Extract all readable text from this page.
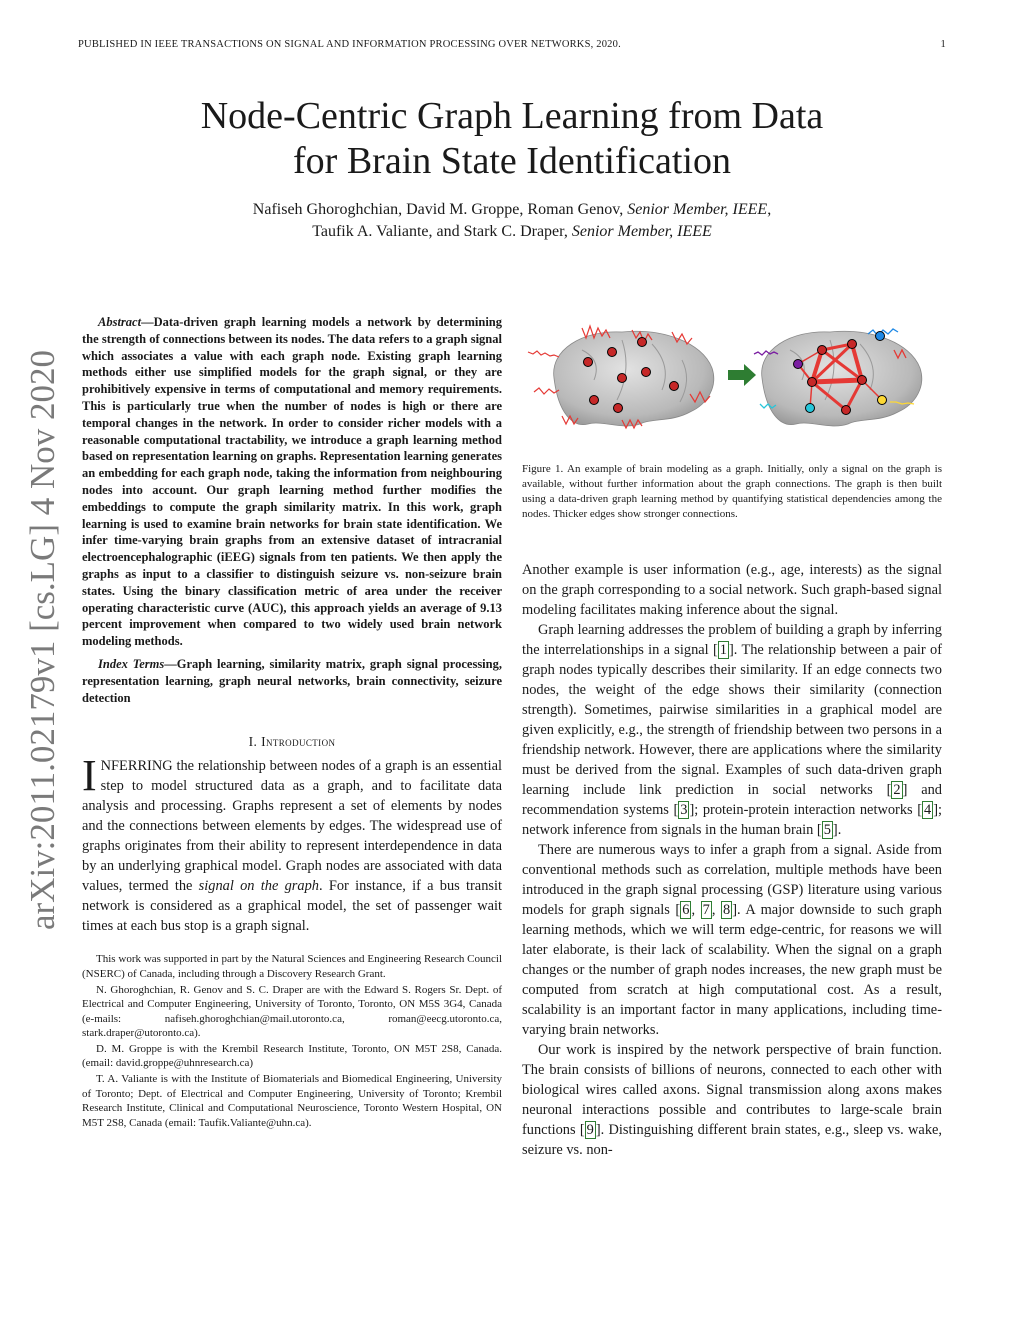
PUBLISHED IN IEEE TRANSACTIONS ON SIGNAL AND INFORMATION PROCESSING OVER NETWORKS, 2020.	1
arXiv:2011.02179v1 [cs.LG] 4 Nov 2020
Node-Centric Graph Learning from Data
for Brain State Identification
Nafiseh Ghoroghchian, David M. Groppe, Roman Genov, Senior Member, IEEE,
Taufik A. Valiante, and Stark C. Draper, Senior Member, IEEE

Abstract—Data-driven graph learning models a network by determining the strength of connections between its nodes. The data refers to a graph signal which associates a value with each graph node. Existing graph learning methods either use simplified models for the graph signal, or they are prohibitively expensive in terms of computational and memory requirements. This is particularly true when the number of nodes is high or there are temporal changes in the network. In order to consider richer models with a reasonable computational tractability, we introduce a graph learning method based on representation learning on graphs. Representation learning generates an embedding for each graph node, taking the information from neighbouring nodes into account. Our graph learning method further modifies the embeddings to compute the graph similarity matrix. In this work, graph learning is used to examine brain networks for brain state identification. We infer time-varying brain graphs from an extensive dataset of intracranial electroencephalographic (iEEG) signals from ten patients. We then apply the graphs as input to a classifier to distinguish seizure vs. non-seizure brain states. Using the binary classification metric of area under the receiver operating characteristic curve (AUC), this approach yields an average of 9.13 percent improvement when compared to two widely used brain network modeling methods.

Index Terms—Graph learning, similarity matrix, graph signal processing, representation learning, graph neural networks, brain connectivity, seizure detection

I. Introduction

INFERRING the relationship between nodes of a graph is an essential step to model structured data as a graph, and to facilitate data analysis and processing. Graphs represent a set of elements by nodes and the connections between elements by edges. The widespread use of graphs originates from their ability to represent interdependence in data by an underlying graphical model. Graph nodes are associated with data values, termed the signal on the graph. For instance, if a bus transit network is considered as a graphical model, the set of passenger wait times at each bus stop is a graph signal.

This work was supported in part by the Natural Sciences and Engineering Research Council (NSERC) of Canada, including through a Discovery Research Grant.

N. Ghoroghchian, R. Genov and S. C. Draper are with the Edward S. Rogers Sr. Dept. of Electrical and Computer Engineering, University of Toronto, Toronto, ON M5S 3G4, Canada (e-mails: nafiseh.ghoroghchian@mail.utoronto.ca, roman@eecg.utoronto.ca, stark.draper@utoronto.ca).

D. M. Groppe is with the Krembil Research Institute, Toronto, ON M5T 2S8, Canada. (email: david.groppe@uhnresearch.ca)

T. A. Valiante is with the Institute of Biomaterials and Biomedical Engineering, University of Toronto; Dept. of Electrical and Computer Engineering, University of Toronto; Krembil Research Institute, Clinical and Computational Neuroscience, Toronto Western Hospital, ON M5T 2S8, Canada (email: Taufik.Valiante@uhn.ca).

Figure 1. An example of brain modeling as a graph. Initially, only a signal on the graph is available, without further information about the graph connections. The graph is then built using a data-driven graph learning method by quantifying statistical dependencies among the nodes. Thicker edges show stronger connections.

Another example is user information (e.g., age, interests) as the signal on the graph corresponding to a social network. Such graph-based signal modeling facilitates making inference about the signal.

Graph learning addresses the problem of building a graph by inferring the interrelationships in a signal [ 1 ]. The relationship between a pair of graph nodes typically describes their similarity. If an edge connects two nodes, the weight of the edge shows their similarity (connection strength). Sometimes, pairwise similarities in a graphical model are given explicitly, e.g., the strength of friendship between two persons in a friendship network. However, there are applications where the similarity must be derived from the signal. Examples of such data-driven graph learning include link prediction in social networks [ 2 ] and recommendation systems [ 3 ]; protein-protein interaction networks [ 4 ]; network inference from signals in the human brain [ 5 ].

There are numerous ways to infer a graph from a signal. Aside from conventional methods such as correlation, multiple methods have been introduced in the graph signal processing (GSP) literature using various models for graph signals [ 6 , 7 , 8 ]. A major downside to such graph learning methods, which we will term edge-centric, for reasons we will later elaborate, is their lack of scalability. When the signal on a graph changes or the number of graph nodes increases, the new graph must be computed from scratch at high computational cost. As a result, scalability is an important factor in many applications, including time-varying brain networks.

Our work is inspired by the network perspective of brain function. The brain consists of billions of neurons, connected to each other with biological wires called axons. Signal transmission along axons makes neuronal interactions possible and contributes to large-scale brain functions [ 9 ]. Distinguishing different brain states, e.g., sleep vs. wake, seizure vs. non-
